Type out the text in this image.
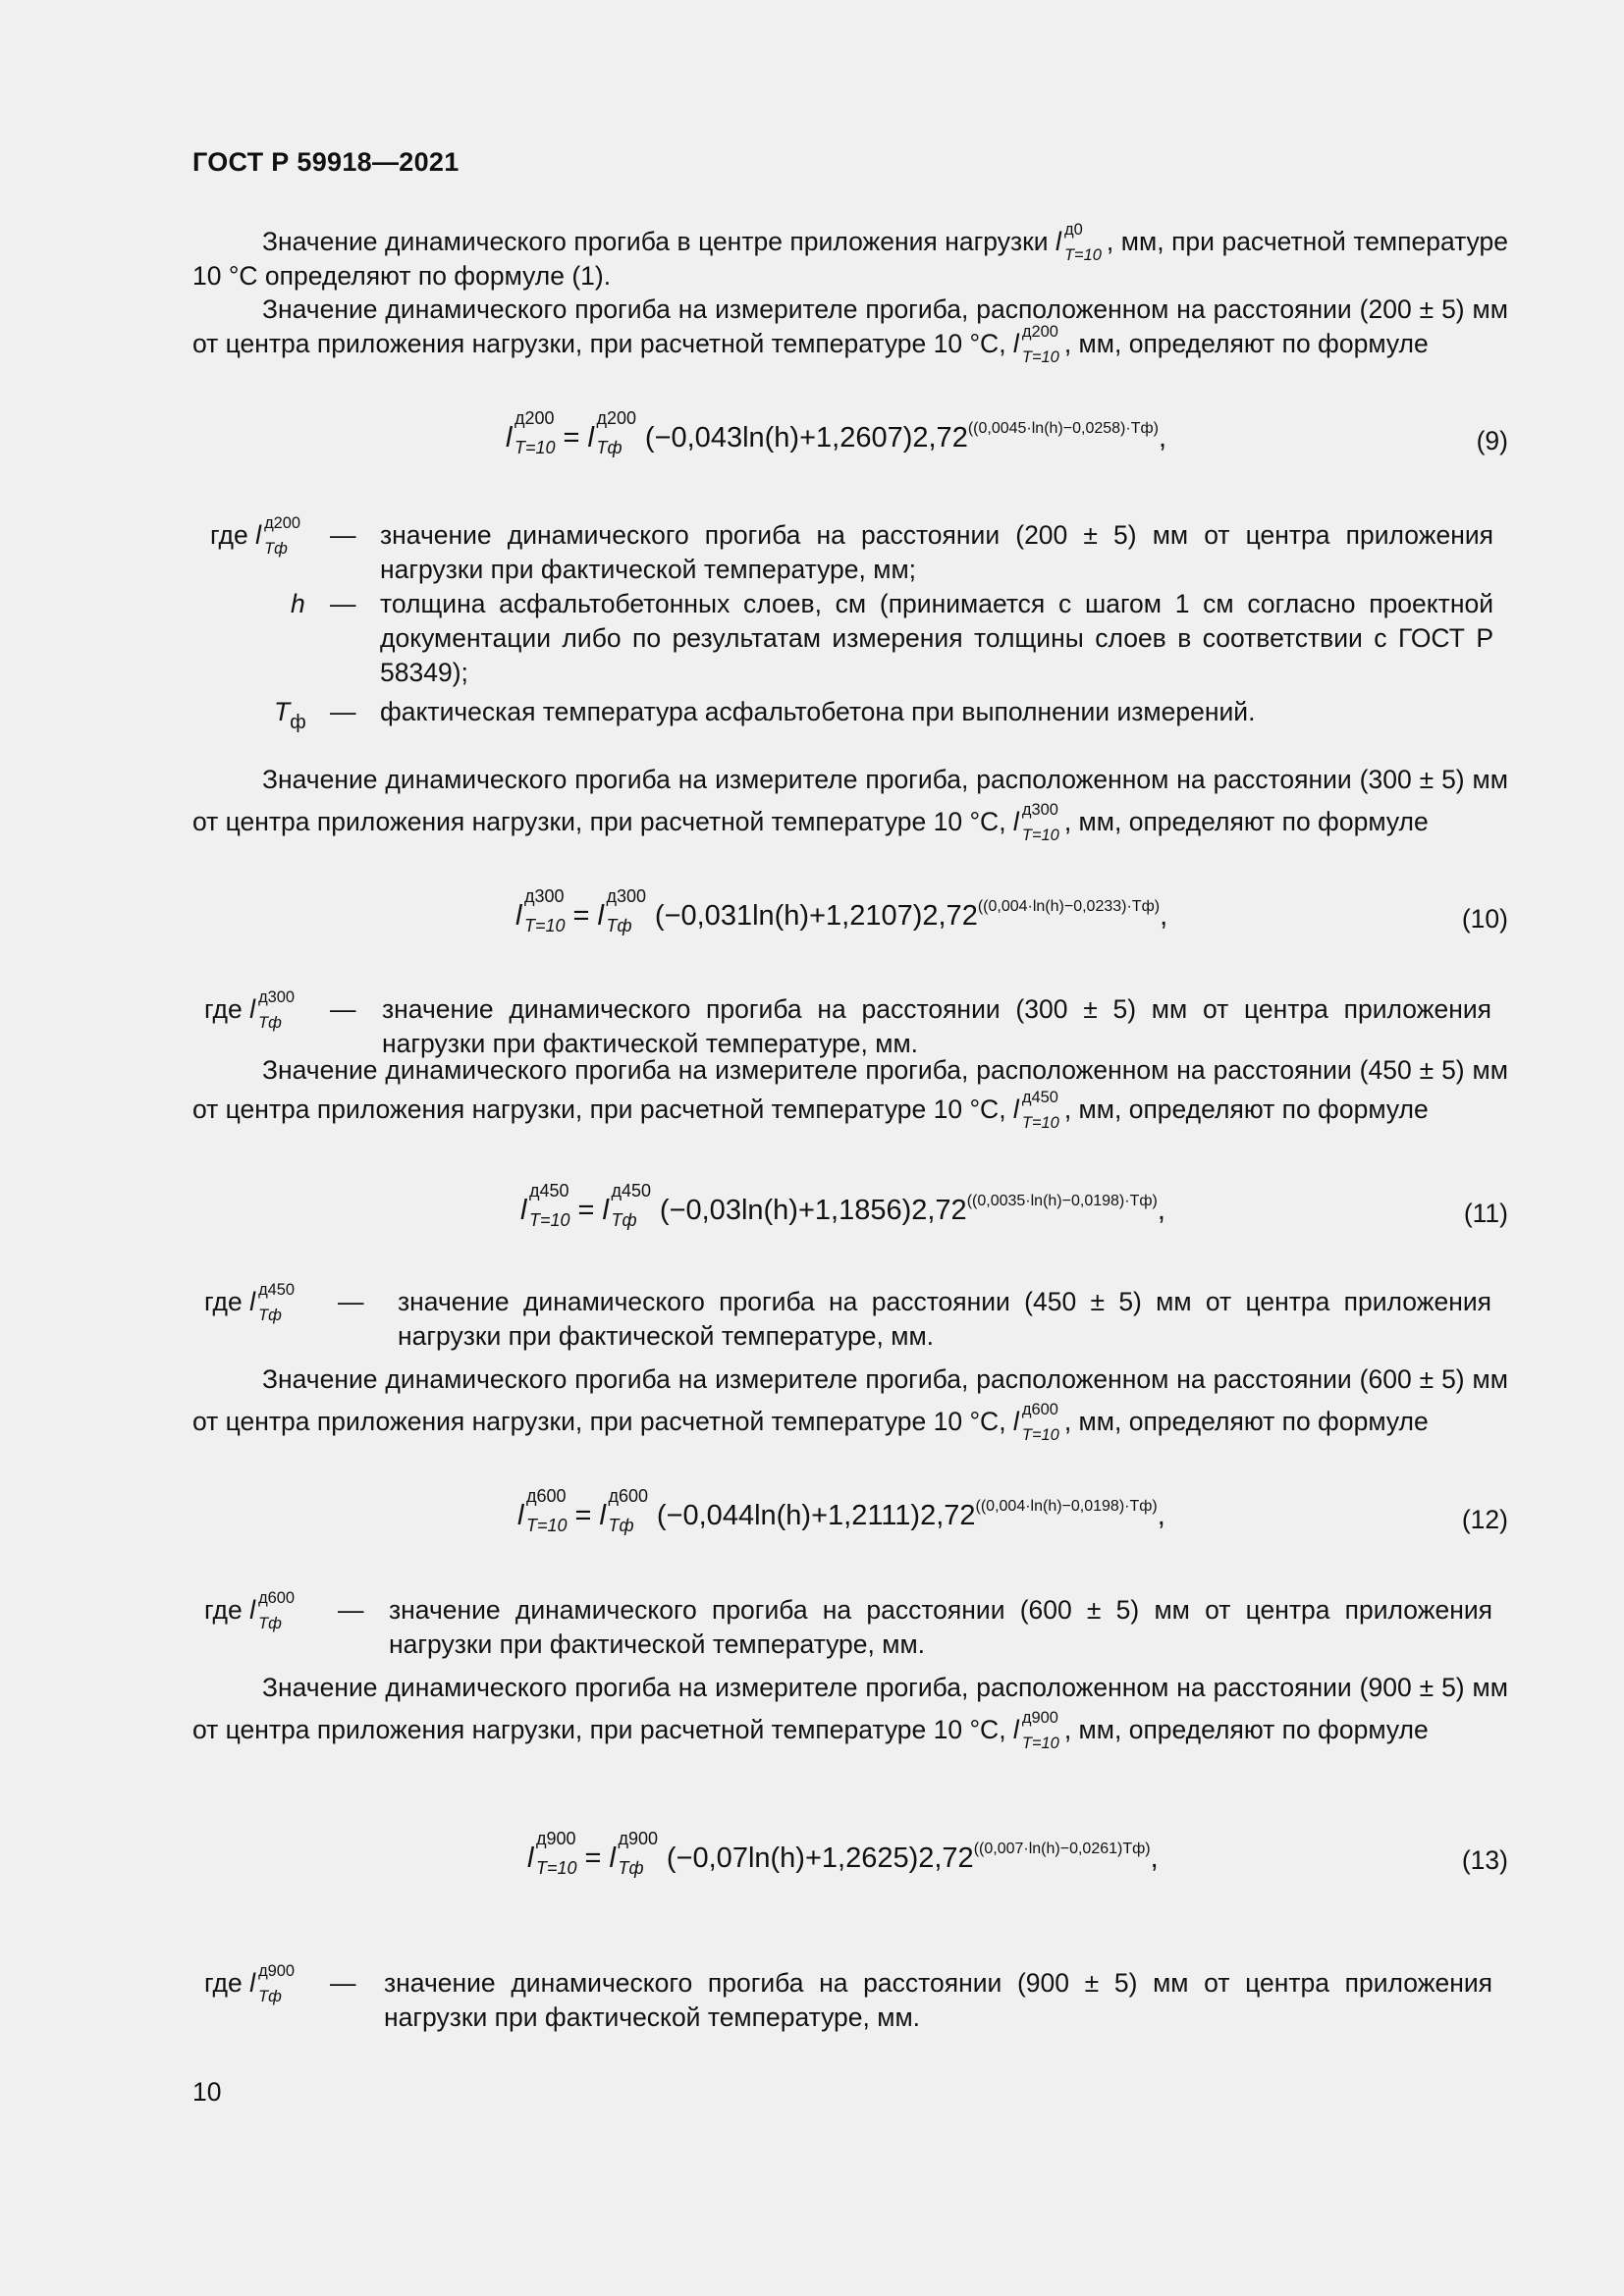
ГОСТ Р 59918—2021
Значение динамического прогиба в центре приложения нагрузки l д0
T=10 , мм, при расчетной температуре 10 °С определяют по формуле (1).
Значение динамического прогиба на измерителе прогиба, расположенном на расстоянии (200 ± 5) мм от центра приложения нагрузки, при расчетной температуре 10 °С, l д200
T=10 , мм, определяют по формуле
l
д200
T=10 = l
д200
Tф $(-0,043\ln(h)+1,2607)2,72^{((0,0045\cdot ln(h)-0,0258)\cdot Tф)}$,	(9)
где l д200
Tф — значение динамического прогиба на расстоянии (200 ± 5) мм от центра приложения нагрузки при фактической температуре, мм;
h — толщина асфальтобетонных слоев, см (принимается с шагом 1 см согласно проектной документации либо по результатам измерения толщины слоев в соответствии с ГОСТ Р 58349);
$T_ф$ — фактическая температура асфальтобетона при выполнении измерений.
Значение динамического прогиба на измерителе прогиба, расположенном на расстоянии (300 ± 5) мм от центра приложения нагрузки, при расчетной температуре 10 °С, l д300
T=10 , мм, определяют по формуле
l
д300
T=10 = l
д300
Tф $(-0,031\ln(h)+1,2107)2,72^{((0,004\cdot ln(h)-0,0233)\cdot Tф)}$,	(10)
где l д300
Tф — значение динамического прогиба на расстоянии (300 ± 5) мм от центра приложения нагрузки при фактической температуре, мм.
Значение динамического прогиба на измерителе прогиба, расположенном на расстоянии (450 ± 5) мм от центра приложения нагрузки, при расчетной температуре 10 °С, l д450
T=10 , мм, определяют по формуле
l
д450
T=10 = l
д450
Tф $(-0,03\ln(h)+1,1856)2,72^{((0,0035\cdot ln(h)-0,0198)\cdot Tф)}$,	(11)
где l д450
Tф — значение динамического прогиба на расстоянии (450 ± 5) мм от центра приложения нагрузки при фактической температуре, мм.
Значение динамического прогиба на измерителе прогиба, расположенном на расстоянии (600 ± 5) мм от центра приложения нагрузки, при расчетной температуре 10 °С, l д600
T=10 , мм, определяют по формуле
l
д600
T=10 = l
д600
Tф $(-0,044\ln(h)+1,2111)2,72^{((0,004\cdot ln(h)-0,0198)\cdot Tф)}$,	(12)
где l д600
Tф — значение динамического прогиба на расстоянии (600 ± 5) мм от центра приложения нагрузки при фактической температуре, мм.
Значение динамического прогиба на измерителе прогиба, расположенном на расстоянии (900 ± 5) мм от центра приложения нагрузки, при расчетной температуре 10 °С, l д900
T=10 , мм, определяют по формуле
l
д900
T=10 = l
д900
Tф $(-0,07\ln(h)+1,2625)2,72^{((0,007\cdot ln(h)-0,0261)Tф)}$,	(13)
где l д900
Tф — значение динамического прогиба на расстоянии (900 ± 5) мм от центра приложения нагрузки при фактической температуре, мм.
10
